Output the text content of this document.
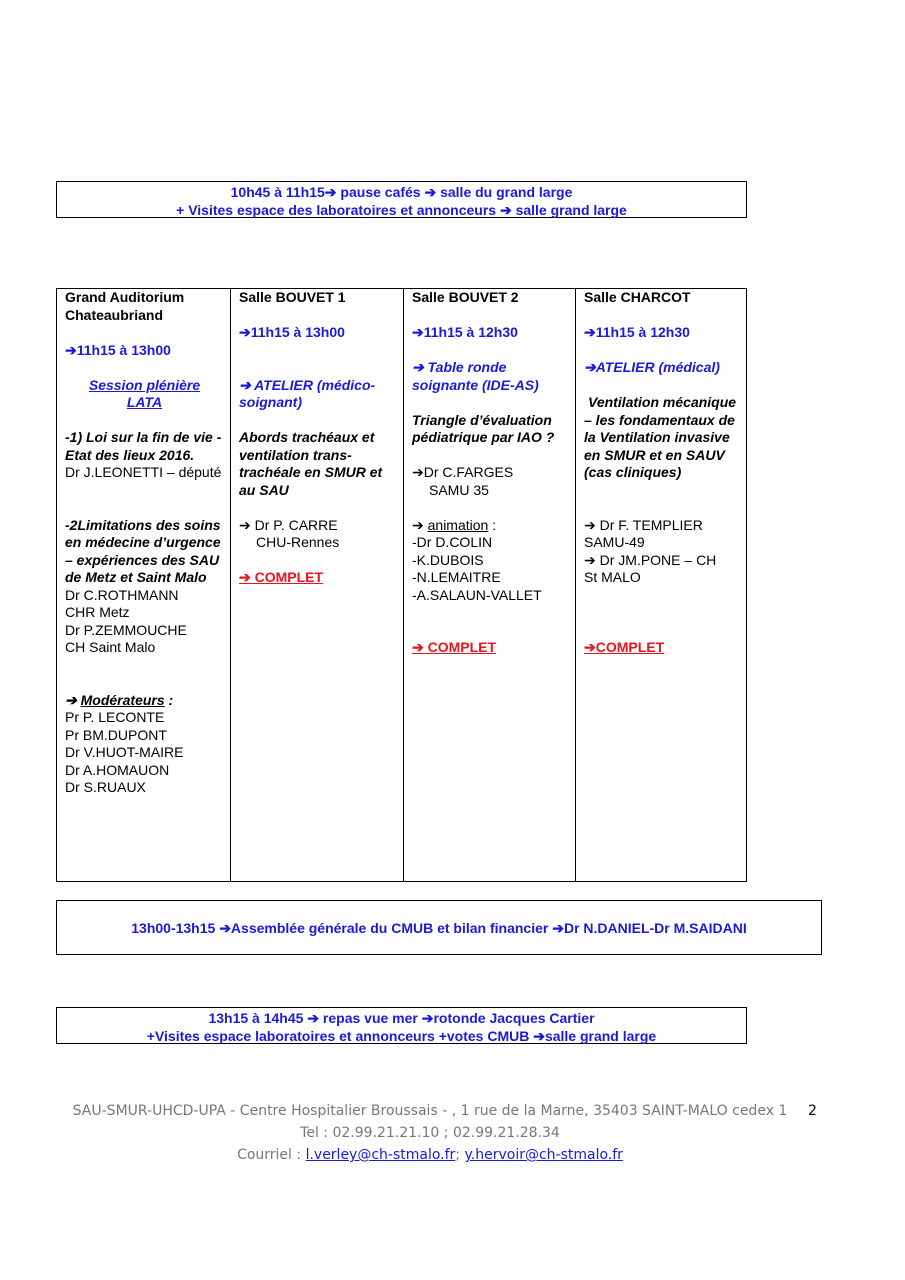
10h45 à 11h15➔ pause cafés ➔ salle du grand large
+ Visites espace des laboratoires et annonceurs ➔ salle grand large

Grand Auditorium Chateaubriand

➔11h15 à 13h00

Session plénière LATA

-1) Loi sur la fin de vie - Etat des lieux 2016.

Dr J.LEONETTI – député

-2Limitations des soins en médecine d’urgence – expériences des SAU de Metz et Saint Malo

Dr C.ROTHMANN

CHR Metz

Dr P.ZEMMOUCHE

CH Saint Malo

➔ Modérateurs :

Pr P. LECONTE

Pr BM.DUPONT

Dr V.HUOT-MAIRE

Dr A.HOMAUON

Dr S.RUAUX

Salle BOUVET 1

➔11h15 à 13h00

➔ ATELIER (médico-soignant)

Abords trachéaux et ventilation trans-trachéale en SMUR et au SAU

➔ Dr P. CARRE

CHU-Rennes

➔ COMPLET

Salle BOUVET 2

➔11h15 à 12h30

➔ Table ronde soignante (IDE-AS)

Triangle d’évaluation pédiatrique par IAO ?

➔Dr C.FARGES

SAMU 35

➔ animation :

-Dr D.COLIN

-K.DUBOIS

-N.LEMAITRE

-A.SALAUN-VALLET

➔ COMPLET

Salle CHARCOT

➔11h15 à 12h30

➔ATELIER (médical)

Ventilation mécanique – les fondamentaux de la Ventilation invasive en SMUR et en SAUV (cas cliniques)

➔ Dr F. TEMPLIER

SAMU-49

➔ Dr JM.PONE – CH

St MALO

➔COMPLET

13h00-13h15 ➔Assemblée générale du CMUB et bilan financier ➔Dr N.DANIEL-Dr M.SAIDANI
13h15 à 14h45 ➔ repas vue mer ➔rotonde Jacques Cartier
+Visites espace laboratoires et annonceurs +votes CMUB ➔salle grand large
SAU-SMUR-UHCD-UPA - Centre Hospitalier Broussais - , 1 rue de la Marne, 35403 SAINT-MALO cedex 1
Tel : 02.99.21.21.10 ; 02.99.21.28.34
Courriel : l.verley@ch-stmalo.fr; y.hervoir@ch-stmalo.fr
2
